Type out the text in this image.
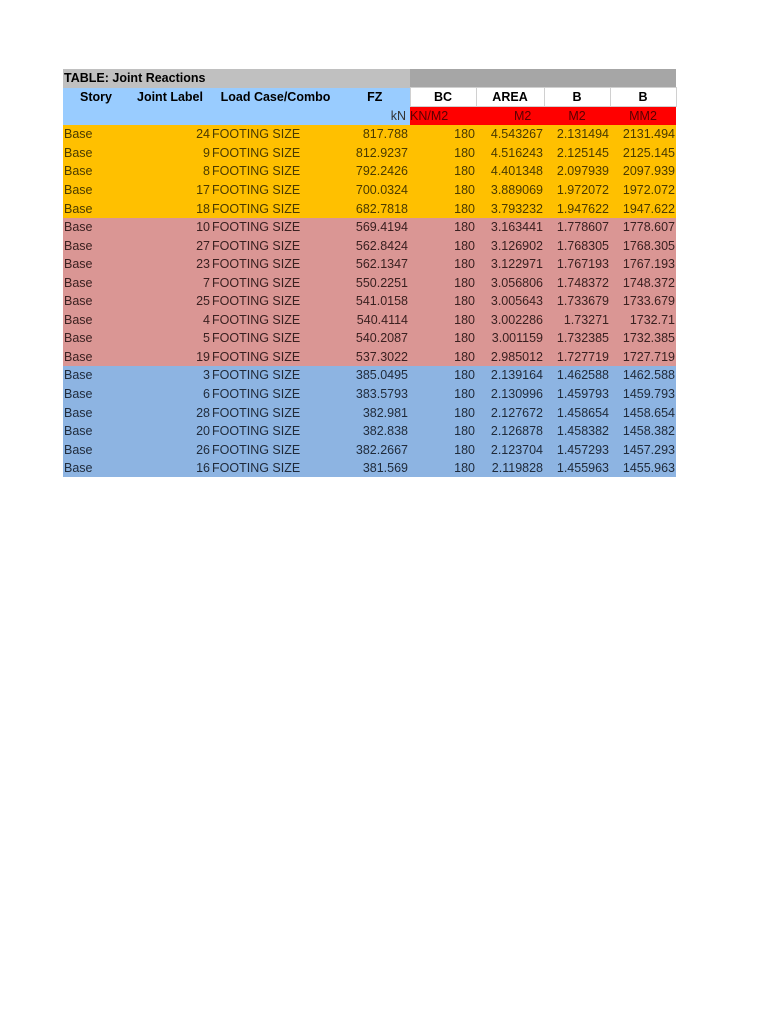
TABLE: Joint Reactions							
Story	Joint Label	Load Case/Combo	FZ	BC	AREA	B	B
			kN	KN/M2	M2	M2	MM2
Base	24	FOOTING SIZE	817.788	180	4.543267	2.131494	2131.494
Base	9	FOOTING SIZE	812.9237	180	4.516243	2.125145	2125.145
Base	8	FOOTING SIZE	792.2426	180	4.401348	2.097939	2097.939
Base	17	FOOTING SIZE	700.0324	180	3.889069	1.972072	1972.072
Base	18	FOOTING SIZE	682.7818	180	3.793232	1.947622	1947.622
Base	10	FOOTING SIZE	569.4194	180	3.163441	1.778607	1778.607
Base	27	FOOTING SIZE	562.8424	180	3.126902	1.768305	1768.305
Base	23	FOOTING SIZE	562.1347	180	3.122971	1.767193	1767.193
Base	7	FOOTING SIZE	550.2251	180	3.056806	1.748372	1748.372
Base	25	FOOTING SIZE	541.0158	180	3.005643	1.733679	1733.679
Base	4	FOOTING SIZE	540.4114	180	3.002286	1.73271	1732.71
Base	5	FOOTING SIZE	540.2087	180	3.001159	1.732385	1732.385
Base	19	FOOTING SIZE	537.3022	180	2.985012	1.727719	1727.719
Base	3	FOOTING SIZE	385.0495	180	2.139164	1.462588	1462.588
Base	6	FOOTING SIZE	383.5793	180	2.130996	1.459793	1459.793
Base	28	FOOTING SIZE	382.981	180	2.127672	1.458654	1458.654
Base	20	FOOTING SIZE	382.838	180	2.126878	1.458382	1458.382
Base	26	FOOTING SIZE	382.2667	180	2.123704	1.457293	1457.293
Base	16	FOOTING SIZE	381.569	180	2.119828	1.455963	1455.963
